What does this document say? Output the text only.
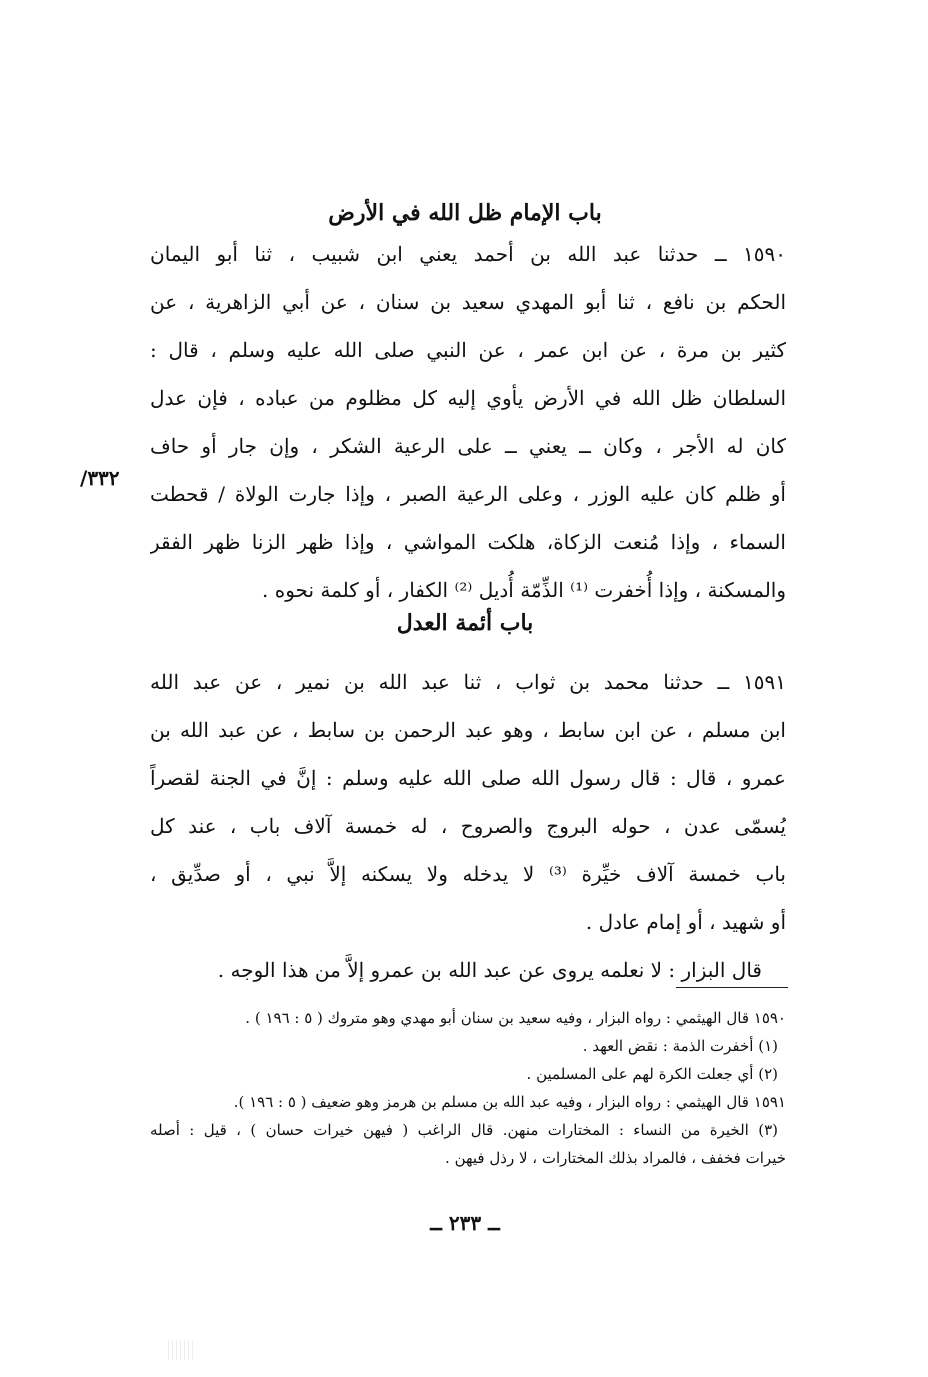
باب الإمام ظل الله في الأرض
١٥٩٠ ــ حدثنا عبد الله بن أحمد يعني ابن شبيب ، ثنا أبو اليمان
الحكم بن نافع ، ثنا أبو المهدي سعيد بن سنان ، عن أبي الزاهرية ، عن
كثير بن مرة ، عن ابن عمر ، عن النبي صلى الله عليه وسلم ، قال :
السلطان ظل الله في الأرض يأوي إليه كل مظلوم من عباده ، فإن عدل
كان له الأجر ، وكان ــ يعني ــ على الرعية الشكر ، وإن جار أو حاف
أو ظلم كان عليه الوزر ، وعلى الرعية الصبر ، وإذا جارت الولاة / قحطت
السماء ، وإذا مُنعت الزكاة، هلكت المواشي ، وإذا ظهر الزنا ظهر الفقر
والمسكنة ، وإذا أُخفرت ⁽¹⁾ الذِّمّة أُديل ⁽²⁾ الكفار ، أو كلمة نحوه .
٣٣٢/
باب أئمة العدل
١٥٩١ ــ حدثنا محمد بن ثواب ، ثنا عبد الله بن نمير ، عن عبد الله
ابن مسلم ، عن ابن سابط ، وهو عبد الرحمن بن سابط ، عن عبد الله بن
عمرو ، قال : قال رسول الله صلى الله عليه وسلم : إنَّ في الجنة لقصراً
يُسمّى عدن ، حوله البروج والصروح ، له خمسة آلاف باب ، عند كل
باب خمسة آلاف خيِّرة ⁽³⁾ لا يدخله ولا يسكنه إلاَّ نبي ، أو صدِّيق ،
أو شهيد ، أو إمام عادل .
قال البزار : لا نعلمه يروى عن عبد الله بن عمرو إلاَّ من هذا الوجه .
١٥٩٠ قال الهيثمي : رواه البزار ، وفيه سعيد بن سنان أبو مهدي وهو متروك ( ٥ : ١٩٦ ) .
(١) أخفرت الذمة : نقض العهد .
(٢) أي جعلت الكرة لهم على المسلمين .
١٥٩١ قال الهيثمي : رواه البزار ، وفيه عبد الله بن مسلم بن هرمز وهو ضعيف ( ٥ : ١٩٦ ).
(٣) الخيرة من النساء : المختارات منهن. قال الراغب ( فيهن خيرات حسان ) ، قيل : أصله
خيرات فخفف ، فالمراد بذلك المختارات ، لا رذل فيهن .
ــ ٢٣٣ ــ
